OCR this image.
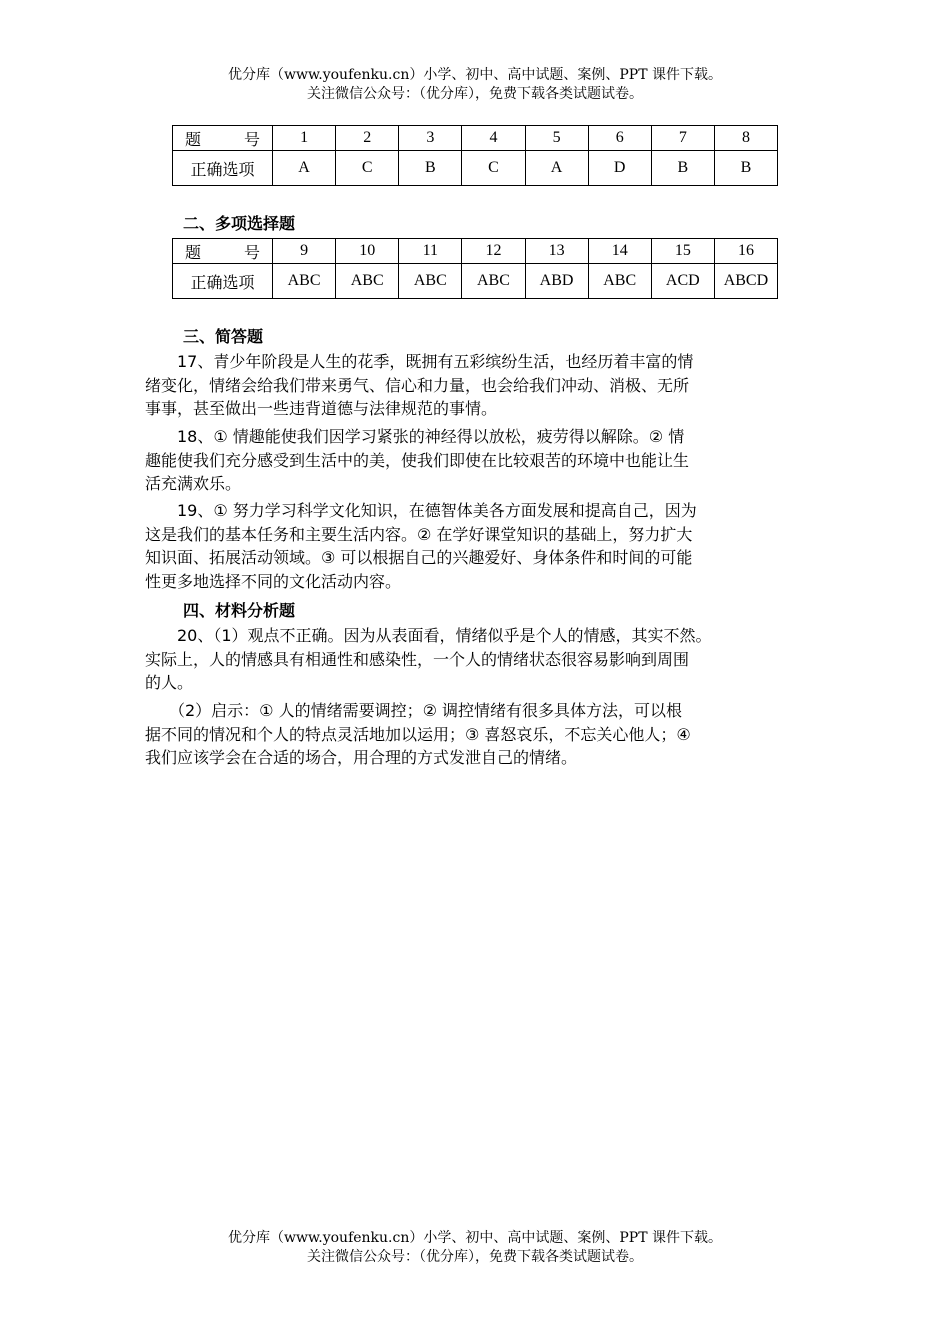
优分库（www.youfenku.cn）小学、初中、高中试题、案例、PPT 课件下载。
关注微信公众号：（优分库），免费下载各类试题试卷。
题 号	1	2	3	4	5	6	7	8
正确选项	A	C	B	C	A	D	B	B
二、多项选择题
题 号	9	10	11	12	13	14	15	16
正确选项	ABC	ABC	ABC	ABC	ABD	ABC	ACD	ABCD
三、简答题
　　17、青少年阶段是人生的花季，既拥有五彩缤纷生活，也经历着丰富的情
绪变化，情绪会给我们带来勇气、信心和力量，也会给我们冲动、消极、无所
事事，甚至做出一些违背道德与法律规范的事情。
　　18、① 情趣能使我们因学习紧张的神经得以放松，疲劳得以解除。② 情
趣能使我们充分感受到生活中的美，使我们即使在比较艰苦的环境中也能让生
活充满欢乐。
　　19、① 努力学习科学文化知识，在德智体美各方面发展和提高自己，因为
这是我们的基本任务和主要生活内容。② 在学好课堂知识的基础上，努力扩大
知识面、拓展活动领域。③ 可以根据自己的兴趣爱好、身体条件和时间的可能
性更多地选择不同的文化活动内容。
四、材料分析题
　　20、（1）观点不正确。因为从表面看，情绪似乎是个人的情感，其实不然。
实际上，人的情感具有相通性和感染性，一个人的情绪状态很容易影响到周围
的人。
　　（2）启示：① 人的情绪需要调控；② 调控情绪有很多具体方法，可以根
据不同的情况和个人的特点灵活地加以运用；③ 喜怒哀乐，不忘关心他人；④
我们应该学会在合适的场合，用合理的方式发泄自己的情绪。
优分库（www.youfenku.cn）小学、初中、高中试题、案例、PPT 课件下载。
关注微信公众号：（优分库），免费下载各类试题试卷。
